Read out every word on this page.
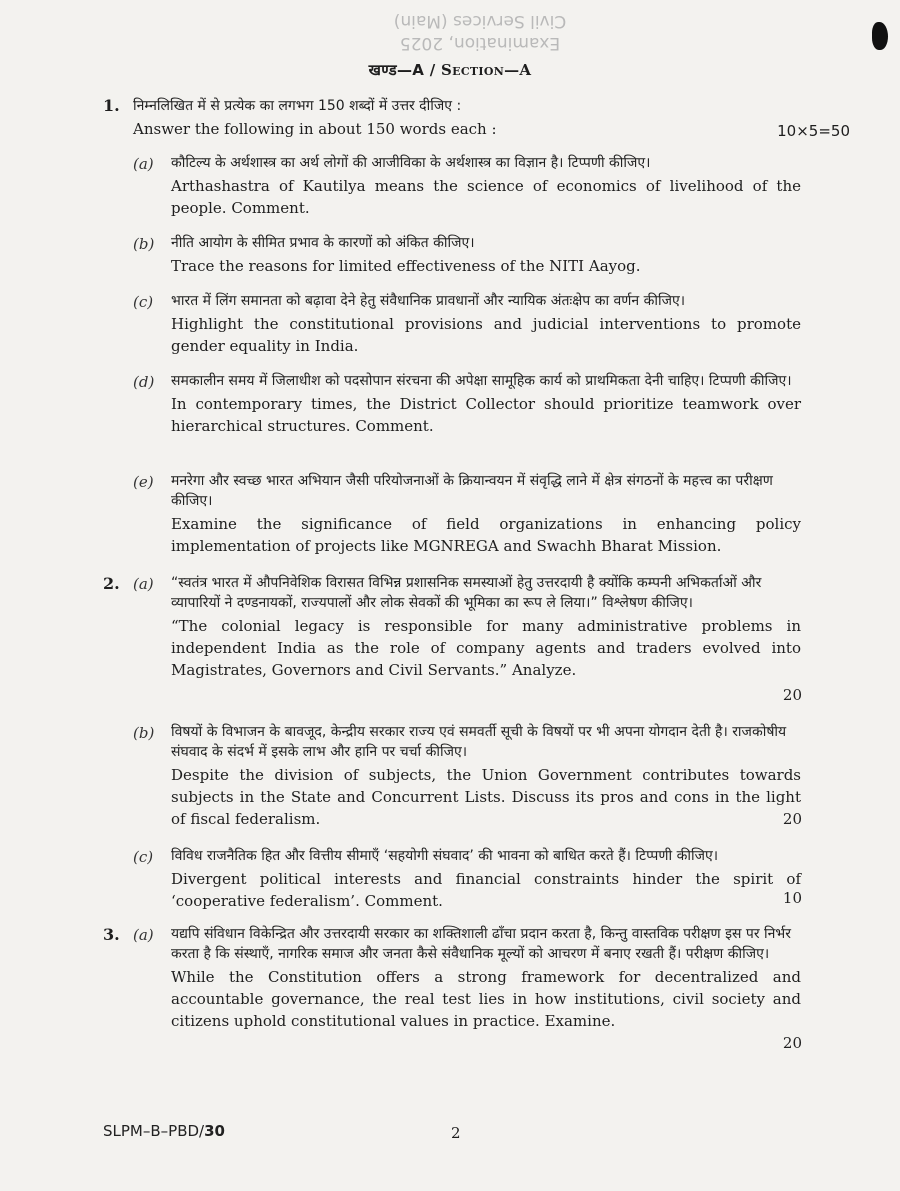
Civil Services (Main)
Examination, 2025
खण्ड—A / Section—A
1. निम्नलिखित में से प्रत्येक का लगभग 150 शब्दों में उत्तर दीजिए :
Answer the following in about 150 words each :	10×5=50
(a) कौटिल्य के अर्थशास्त्र का अर्थ लोगों की आजीविका के अर्थशास्त्र का विज्ञान है। टिप्पणी कीजिए।

Arthashastra of Kautilya means the science of economics of livelihood of the people. Comment.

(b) नीति आयोग के सीमित प्रभाव के कारणों को अंकित कीजिए।

Trace the reasons for limited effectiveness of the NITI Aayog.

(c) भारत में लिंग समानता को बढ़ावा देने हेतु संवैधानिक प्रावधानों और न्यायिक अंतःक्षेप का वर्णन कीजिए।

Highlight the constitutional provisions and judicial interventions to promote gender equality in India.

(d) समकालीन समय में जिलाधीश को पदसोपान संरचना की अपेक्षा सामूहिक कार्य को प्राथमिकता देनी चाहिए। टिप्पणी कीजिए।

In contemporary times, the District Collector should prioritize teamwork over hierarchical structures. Comment.

(e) मनरेगा और स्वच्छ भारत अभियान जैसी परियोजनाओं के क्रियान्वयन में संवृद्धि लाने में क्षेत्र संगठनों के महत्त्व का परीक्षण कीजिए।

Examine the significance of field organizations in enhancing policy implementation of projects like MGNREGA and Swachh Bharat Mission.

2. (a) “स्वतंत्र भारत में औपनिवेशिक विरासत विभिन्न प्रशासनिक समस्याओं हेतु उत्तरदायी है क्योंकि कम्पनी अभिकर्ताओं और व्यापारियों ने दण्डनायकों, राज्यपालों और लोक सेवकों की भूमिका का रूप ले लिया।” विश्लेषण कीजिए।

“The colonial legacy is responsible for many administrative problems in independent India as the role of company agents and traders evolved into Magistrates, Governors and Civil Servants.” Analyze.

20
(b) विषयों के विभाजन के बावजूद, केन्द्रीय सरकार राज्य एवं समवर्ती सूची के विषयों पर भी अपना योगदान देती है। राजकोषीय संघवाद के संदर्भ में इसके लाभ और हानि पर चर्चा कीजिए।

Despite the division of subjects, the Union Government contributes towards subjects in the State and Concurrent Lists. Discuss its pros and cons in the light of fiscal federalism.	20
(c) विविध राजनैतिक हित और वित्तीय सीमाएँ ‘सहयोगी संघवाद’ की भावना को बाधित करते हैं। टिप्पणी कीजिए।

Divergent political interests and financial constraints hinder the spirit of ‘cooperative federalism’. Comment.	10
3. (a) यद्यपि संविधान विकेन्द्रित और उत्तरदायी सरकार का शक्तिशाली ढाँचा प्रदान करता है, किन्तु वास्तविक परीक्षण इस पर निर्भर करता है कि संस्थाएँ, नागरिक समाज और जनता कैसे संवैधानिक मूल्यों को आचरण में बनाए रखती हैं। परीक्षण कीजिए।

While the Constitution offers a strong framework for decentralized and accountable governance, the real test lies in how institutions, civil society and citizens uphold constitutional values in practice. Examine.

20
SLPM–B–PBD/30	2
